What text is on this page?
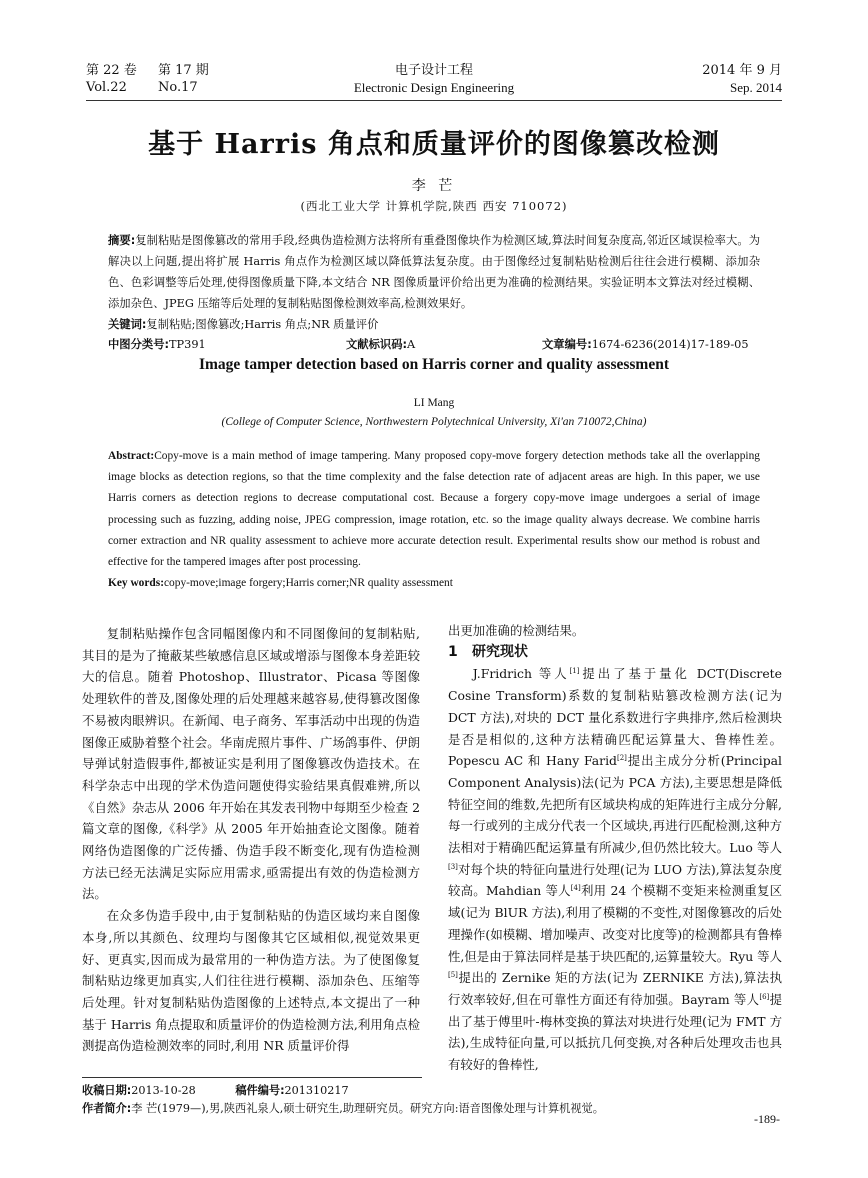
第 22 卷 第 17 期
Vol.22 No.17
电子设计工程
Electronic Design Engineering
2014 年 9 月
Sep. 2014
基于 Harris 角点和质量评价的图像篡改检测
李 芒
(西北工业大学 计算机学院,陕西 西安 710072)
摘要:复制粘贴是图像篡改的常用手段,经典伪造检测方法将所有重叠图像块作为检测区域,算法时间复杂度高,邻近区域误检率大。为解决以上问题,提出将扩展 Harris 角点作为检测区域以降低算法复杂度。由于图像经过复制粘贴检测后往往会进行模糊、添加杂色、色彩调整等后处理,使得图像质量下降,本文结合 NR 图像质量评价给出更为准确的检测结果。实验证明本文算法对经过模糊、添加杂色、JPEG 压缩等后处理的复制粘贴图像检测效率高,检测效果好。
关键词:复制粘贴;图像篡改;Harris 角点;NR 质量评价
中图分类号:TP391	文献标识码:A	文章编号:1674-6236(2014)17-189-05
Image tamper detection based on Harris corner and quality assessment
LI Mang
(College of Computer Science, Northwestern Polytechnical University, Xi'an 710072,China)
Abstract:Copy-move is a main method of image tampering. Many proposed copy-move forgery detection methods take all the overlapping image blocks as detection regions, so that the time complexity and the false detection rate of adjacent areas are high. In this paper, we use Harris corners as detection regions to decrease computational cost. Because a forgery copy-move image undergoes a serial of image processing such as fuzzing, adding noise, JPEG compression, image rotation, etc. so the image quality always decrease. We combine harris corner extraction and NR quality assessment to achieve more accurate detection result. Experimental results show our method is robust and effective for the tampered images after post processing.
Key words:copy-move;image forgery;Harris corner;NR quality assessment

复制粘贴操作包含同幅图像内和不同图像间的复制粘贴,其目的是为了掩蔽某些敏感信息区域或增添与图像本身差距较大的信息。随着 Photoshop、Illustrator、Picasa 等图像处理软件的普及,图像处理的后处理越来越容易,使得篡改图像不易被肉眼辨识。在新闻、电子商务、军事活动中出现的伪造图像正威胁着整个社会。华南虎照片事件、广场鸽事件、伊朗导弹试射造假事件,都被证实是利用了图像篡改伪造技术。在科学杂志中出现的学术伪造问题使得实验结果真假难辨,所以《自然》杂志从 2006 年开始在其发表刊物中每期至少检查 2 篇文章的图像,《科学》从 2005 年开始抽查论文图像。随着网络伪造图像的广泛传播、伪造手段不断变化,现有伪造检测方法已经无法满足实际应用需求,亟需提出有效的伪造检测方法。

在众多伪造手段中,由于复制粘贴的伪造区域均来自图像本身,所以其颜色、纹理均与图像其它区域相似,视觉效果更好、更真实,因而成为最常用的一种伪造方法。为了使图像复制粘贴边缘更加真实,人们往往进行模糊、添加杂色、压缩等后处理。针对复制粘贴伪造图像的上述特点,本文提出了一种基于 Harris 角点提取和质量评价的伪造检测方法,利用角点检测提高伪造检测效率的同时,利用 NR 质量评价得

出更加准确的检测结果。

1 研究现状

J.Fridrich 等人[1]提出了基于量化 DCT(Discrete Cosine Transform)系数的复制粘贴篡改检测方法(记为 DCT 方法),对块的 DCT 量化系数进行字典排序,然后检测块是否是相似的,这种方法精确匹配运算量大、鲁棒性差。Popescu AC 和 Hany Farid[2]提出主成分分析(Principal Component Analysis)法(记为 PCA 方法),主要思想是降低特征空间的维数,先把所有区域块构成的矩阵进行主成分分解,每一行或列的主成分代表一个区域块,再进行匹配检测,这种方法相对于精确匹配运算量有所减少,但仍然比较大。Luo 等人[3]对每个块的特征向量进行处理(记为 LUO 方法),算法复杂度较高。Mahdian 等人[4]利用 24 个模糊不变矩来检测重复区域(记为 BlUR 方法),利用了模糊的不变性,对图像篡改的后处理操作(如模糊、增加噪声、改变对比度等)的检测都具有鲁棒性,但是由于算法同样是基于块匹配的,运算量较大。Ryu 等人[5]提出的 Zernike 矩的方法(记为 ZERNIKE 方法),算法执行效率较好,但在可靠性方面还有待加强。Bayram 等人[6]提出了基于傅里叶-梅林变换的算法对块进行处理(记为 FMT 方法),生成特征向量,可以抵抗几何变换,对各种后处理攻击也具有较好的鲁棒性,

收稿日期:2013-10-28	稿件编号:201310217
作者简介:李 芒(1979—),男,陕西礼泉人,硕士研究生,助理研究员。研究方向:语音图像处理与计算机视觉。
-189-
